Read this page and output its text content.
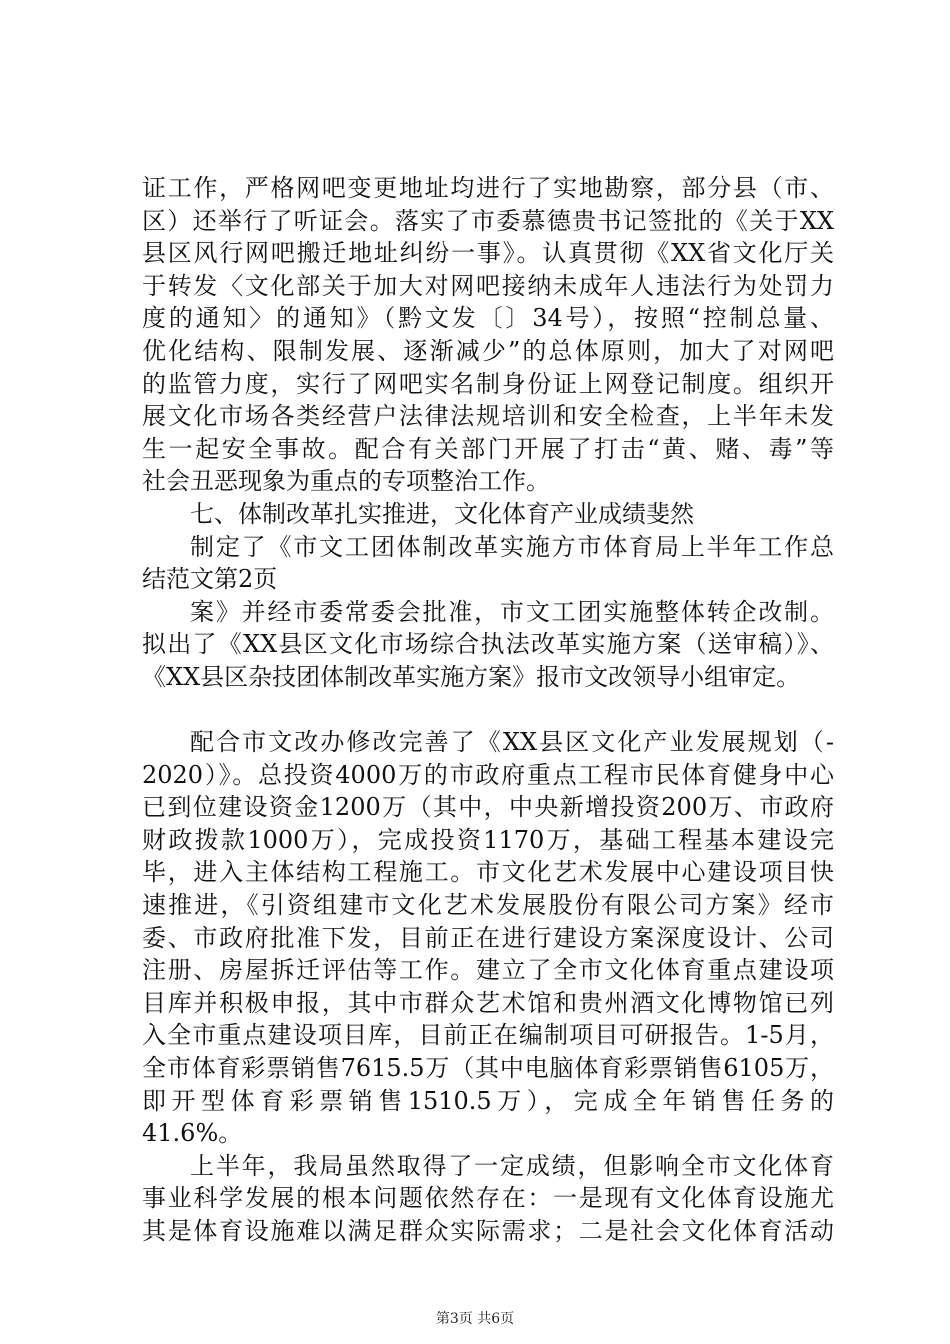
证工作，严格网吧变更地址均进行了实地勘察，部分县（市、
区）还举行了听证会。落实了市委慕德贵书记签批的《关于XX
县区风行网吧搬迁地址纠纷一事》。认真贯彻《XX省文化厅关
于转发〈文化部关于加大对网吧接纳未成年人违法行为处罚力
度的通知〉的通知》（黔文发〔〕34号），按照“控制总量、
优化结构、限制发展、逐渐减少”的总体原则，加大了对网吧
的监管力度，实行了网吧实名制身份证上网登记制度。组织开
展文化市场各类经营户法律法规培训和安全检查，上半年未发
生一起安全事故。配合有关部门开展了打击“黄、赌、毒”等
社会丑恶现象为重点的专项整治工作。
七、体制改革扎实推进，文化体育产业成绩斐然
制定了《市文工团体制改革实施方市体育局上半年工作总
结范文第2页
案》并经市委常委会批准，市文工团实施整体转企改制。
拟出了《XX县区文化市场综合执法改革实施方案（送审稿）》、
《XX县区杂技团体制改革实施方案》报市文改领导小组审定。
配合市文改办修改完善了《XX县区文化产业发展规划（-
2020）》。总投资4000万的市政府重点工程市民体育健身中心
已到位建设资金1200万（其中，中央新增投资200万、市政府
财政拨款1000万），完成投资1170万，基础工程基本建设完
毕，进入主体结构工程施工。市文化艺术发展中心建设项目快
速推进，《引资组建市文化艺术发展股份有限公司方案》经市
委、市政府批准下发，目前正在进行建设方案深度设计、公司
注册、房屋拆迁评估等工作。建立了全市文化体育重点建设项
目库并积极申报，其中市群众艺术馆和贵州酒文化博物馆已列
入全市重点建设项目库，目前正在编制项目可研报告。1-5月，
全市体育彩票销售7615.5万（其中电脑体育彩票销售6105万，
即开型体育彩票销售1510.5万），完成全年销售任务的
41.6%。
上半年，我局虽然取得了一定成绩，但影响全市文化体育
事业科学发展的根本问题依然存在：一是现有文化体育设施尤
其是体育设施难以满足群众实际需求；二是社会文化体育活动
第3页 共6页
